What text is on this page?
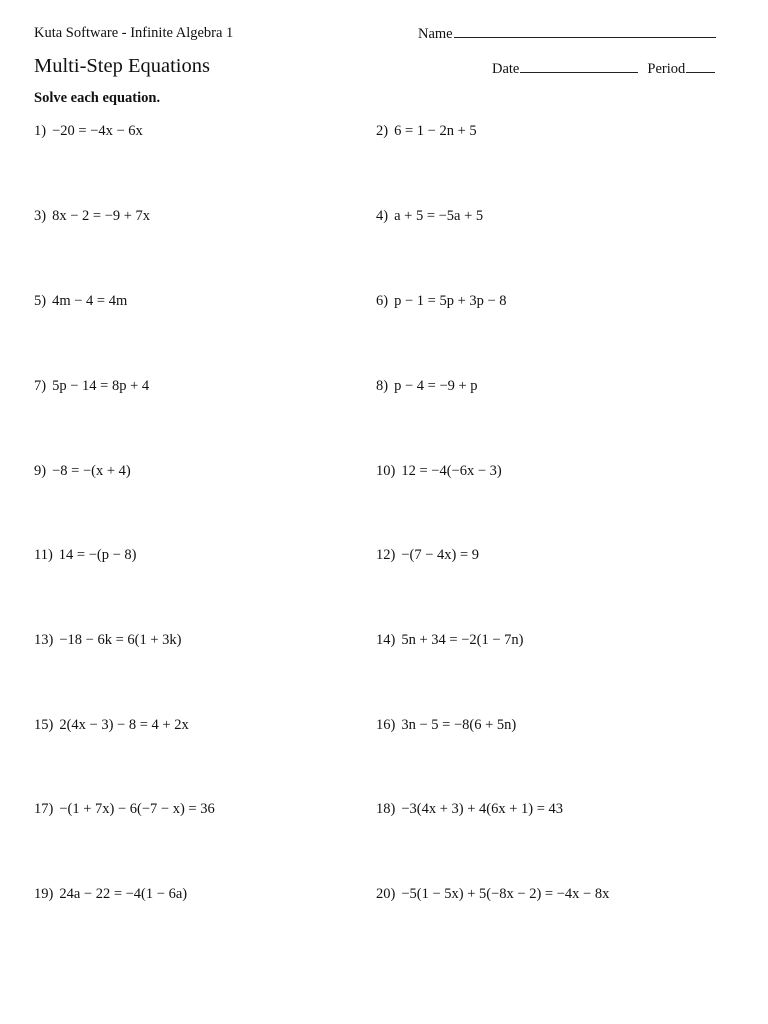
Kuta Software - Infinite Algebra 1	Name
Multi-Step Equations	Date	Period
Solve each equation.
1) −20 = −4x − 6x	2) 6 = 1 − 2n + 5
3) 8x − 2 = −9 + 7x	4) a + 5 = −5a + 5
5) 4m − 4 = 4m	6) p − 1 = 5p + 3p − 8
7) 5p − 14 = 8p + 4	8) p − 4 = −9 + p
9) −8 = −(x + 4)	10) 12 = −4(−6x − 3)
11) 14 = −(p − 8)	12) −(7 − 4x) = 9
13) −18 − 6k = 6(1 + 3k)	14) 5n + 34 = −2(1 − 7n)
15) 2(4x − 3) − 8 = 4 + 2x	16) 3n − 5 = −8(6 + 5n)
17) −(1 + 7x) − 6(−7 − x) = 36	18) −3(4x + 3) + 4(6x + 1) = 43
19) 24a − 22 = −4(1 − 6a)	20) −5(1 − 5x) + 5(−8x − 2) = −4x − 8x
